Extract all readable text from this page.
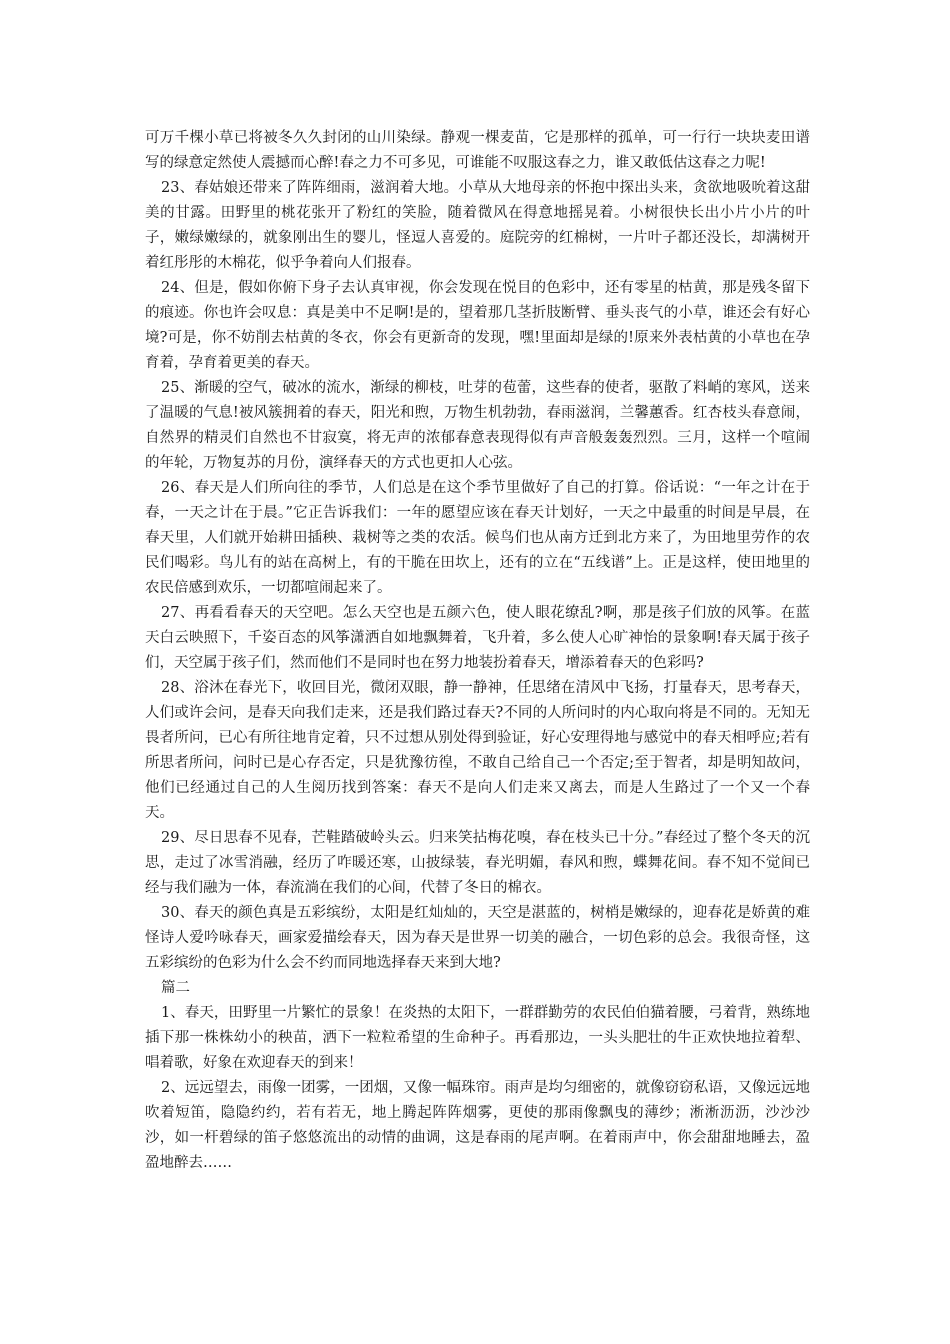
可万千棵小草已将被冬久久封闭的山川染绿。静观一棵麦苗，它是那样的孤单，可一行行一块块麦田谱写的绿意定然使人震撼而心醉!春之力不可多见，可谁能不叹服这春之力，谁又敢低估这春之力呢!

23、春姑娘还带来了阵阵细雨，滋润着大地。小草从大地母亲的怀抱中探出头来，贪欲地吸吮着这甜美的甘露。田野里的桃花张开了粉红的笑脸，随着微风在得意地摇晃着。小树很快长出小片小片的叶子，嫩绿嫩绿的，就象刚出生的婴儿，怪逗人喜爱的。庭院旁的红棉树，一片叶子都还没长，却满树开着红彤彤的木棉花，似乎争着向人们报春。

24、但是，假如你俯下身子去认真审视，你会发现在悦目的色彩中，还有零星的枯黄，那是残冬留下的痕迹。你也许会叹息：真是美中不足啊!是的，望着那几茎折肢断臂、垂头丧气的小草，谁还会有好心境?可是，你不妨削去枯黄的冬衣，你会有更新奇的发现，嘿!里面却是绿的!原来外表枯黄的小草也在孕育着，孕育着更美的春天。

25、渐暖的空气，破冰的流水，渐绿的柳枝，吐芽的苞蕾，这些春的使者，驱散了料峭的寒风，送来了温暖的气息!被风簇拥着的春天，阳光和煦，万物生机勃勃，春雨滋润，兰馨蕙香。红杏枝头春意闹，自然界的精灵们自然也不甘寂寞，将无声的浓郁春意表现得似有声音般轰轰烈烈。三月，这样一个喧闹的年轮，万物复苏的月份，演绎春天的方式也更扣人心弦。

26、春天是人们所向往的季节，人们总是在这个季节里做好了自己的打算。俗话说：“一年之计在于春，一天之计在于晨。”它正告诉我们：一年的愿望应该在春天计划好，一天之中最重的时间是早晨，在春天里，人们就开始耕田插秧、栽树等之类的农活。候鸟们也从南方迁到北方来了，为田地里劳作的农民们喝彩。鸟儿有的站在高树上，有的干脆在田坎上，还有的立在“五线谱”上。正是这样，使田地里的农民倍感到欢乐，一切都喧闹起来了。

27、再看看春天的天空吧。怎么天空也是五颜六色，使人眼花缭乱?啊，那是孩子们放的风筝。在蓝天白云映照下，千姿百态的风筝潇洒自如地飘舞着，飞升着，多么使人心旷神怡的景象啊!春天属于孩子们，天空属于孩子们，然而他们不是同时也在努力地装扮着春天，增添着春天的色彩吗?

28、浴沐在春光下，收回目光，微闭双眼，静一静神，任思绪在清风中飞扬，打量春天，思考春天，人们或许会问，是春天向我们走来，还是我们路过春天?不同的人所问时的内心取向将是不同的。无知无畏者所问，已心有所往地肯定着，只不过想从别处得到验证，好心安理得地与感觉中的春天相呼应;若有所思者所问，问时已是心存否定，只是犹豫彷徨，不敢自己给自己一个否定;至于智者，却是明知故问，他们已经通过自己的人生阅历找到答案：春天不是向人们走来又离去，而是人生路过了一个又一个春天。

29、尽日思春不见春，芒鞋踏破岭头云。归来笑拈梅花嗅，春在枝头已十分。”春经过了整个冬天的沉思，走过了冰雪消融，经历了咋暖还寒，山披绿装，春光明媚，春风和煦，蝶舞花间。春不知不觉间已经与我们融为一体，春流淌在我们的心间，代替了冬日的棉衣。

30、春天的颜色真是五彩缤纷，太阳是红灿灿的，天空是湛蓝的，树梢是嫩绿的，迎春花是娇黄的难怪诗人爱吟咏春天，画家爱描绘春天，因为春天是世界一切美的融合，一切色彩的总会。我很奇怪，这五彩缤纷的色彩为什么会不约而同地选择春天来到大地?

篇二

1、春天，田野里一片繁忙的景象！在炎热的太阳下，一群群勤劳的农民伯伯猫着腰，弓着背，熟练地插下那一株株幼小的秧苗，洒下一粒粒希望的生命种子。再看那边，一头头肥壮的牛正欢快地拉着犁、唱着歌，好象在欢迎春天的到来！

2、远远望去，雨像一团雾，一团烟，又像一幅珠帘。雨声是均匀细密的，就像窃窃私语，又像远远地吹着短笛，隐隐约约，若有若无，地上腾起阵阵烟雾，更使的那雨像飘曳的薄纱；淅淅沥沥，沙沙沙沙，如一杆碧绿的笛子悠悠流出的动情的曲调，这是春雨的尾声啊。在着雨声中，你会甜甜地睡去，盈盈地醉去……
